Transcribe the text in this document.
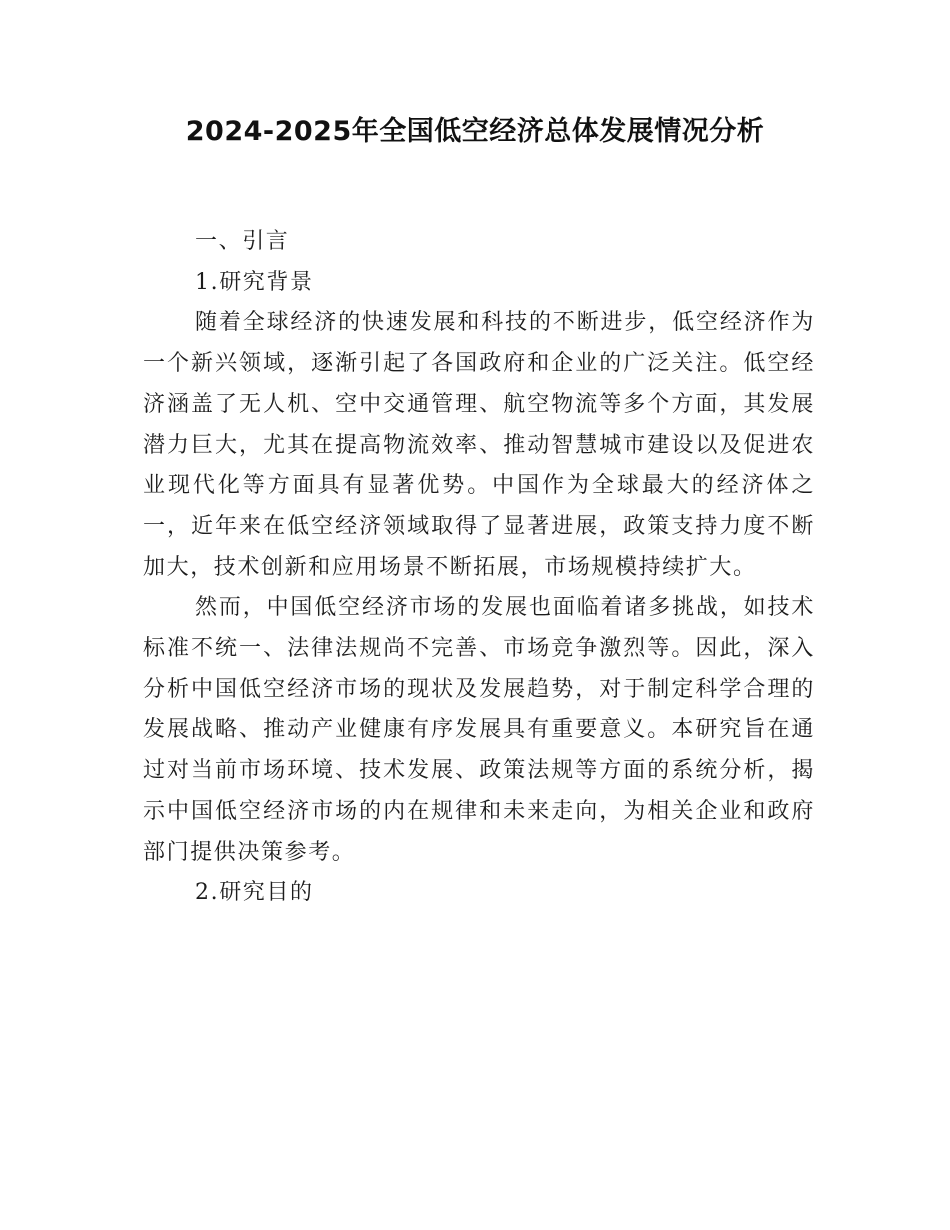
2024-2025年全国低空经济总体发展情况分析

一、引言

1.研究背景

随着全球经济的快速发展和科技的不断进步，低空经济作为一个新兴领域，逐渐引起了各国政府和企业的广泛关注。低空经济涵盖了无人机、空中交通管理、航空物流等多个方面，其发展潜力巨大，尤其在提高物流效率、推动智慧城市建设以及促进农业现代化等方面具有显著优势。中国作为全球最大的经济体之一，近年来在低空经济领域取得了显著进展，政策支持力度不断加大，技术创新和应用场景不断拓展，市场规模持续扩大。

然而，中国低空经济市场的发展也面临着诸多挑战，如技术标准不统一、法律法规尚不完善、市场竞争激烈等。因此，深入分析中国低空经济市场的现状及发展趋势，对于制定科学合理的发展战略、推动产业健康有序发展具有重要意义。本研究旨在通过对当前市场环境、技术发展、政策法规等方面的系统分析，揭示中国低空经济市场的内在规律和未来走向，为相关企业和政府部门提供决策参考。

2.研究目的
